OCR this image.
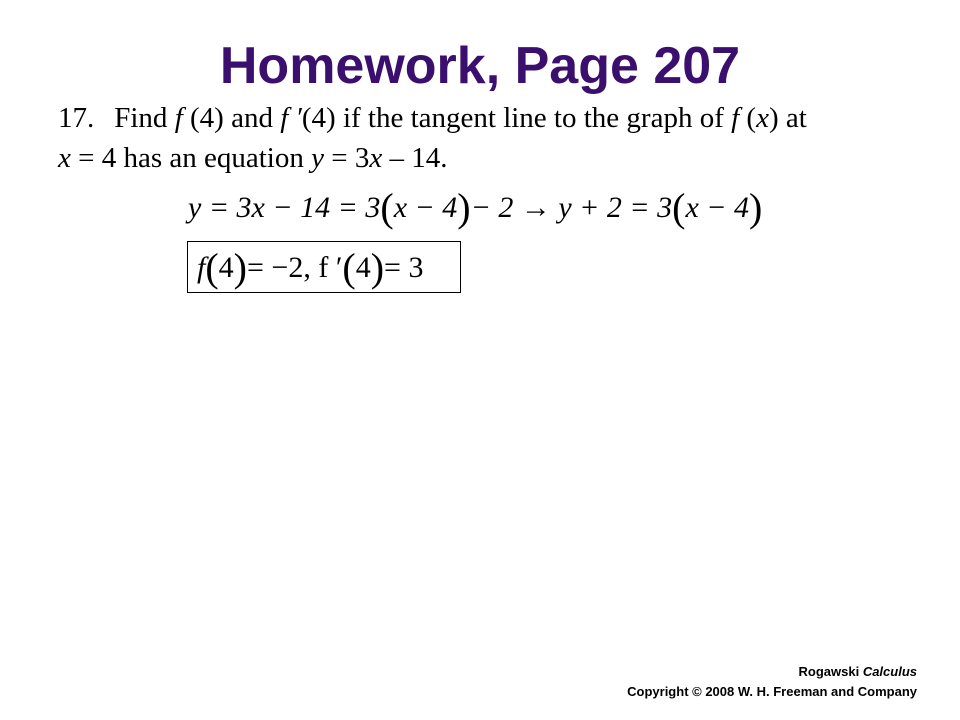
Homework, Page 207
17. Find f (4) and f ′(4) if the tangent line to the graph of f (x) at
x = 4 has an equation y = 3x – 14.
y = 3x − 14 = 3(x − 4)− 2 → y + 2 = 3(x − 4)
f(4)= −2, f ′(4)= 3
Rogawski Calculus
Copyright © 2008 W. H. Freeman and Company
